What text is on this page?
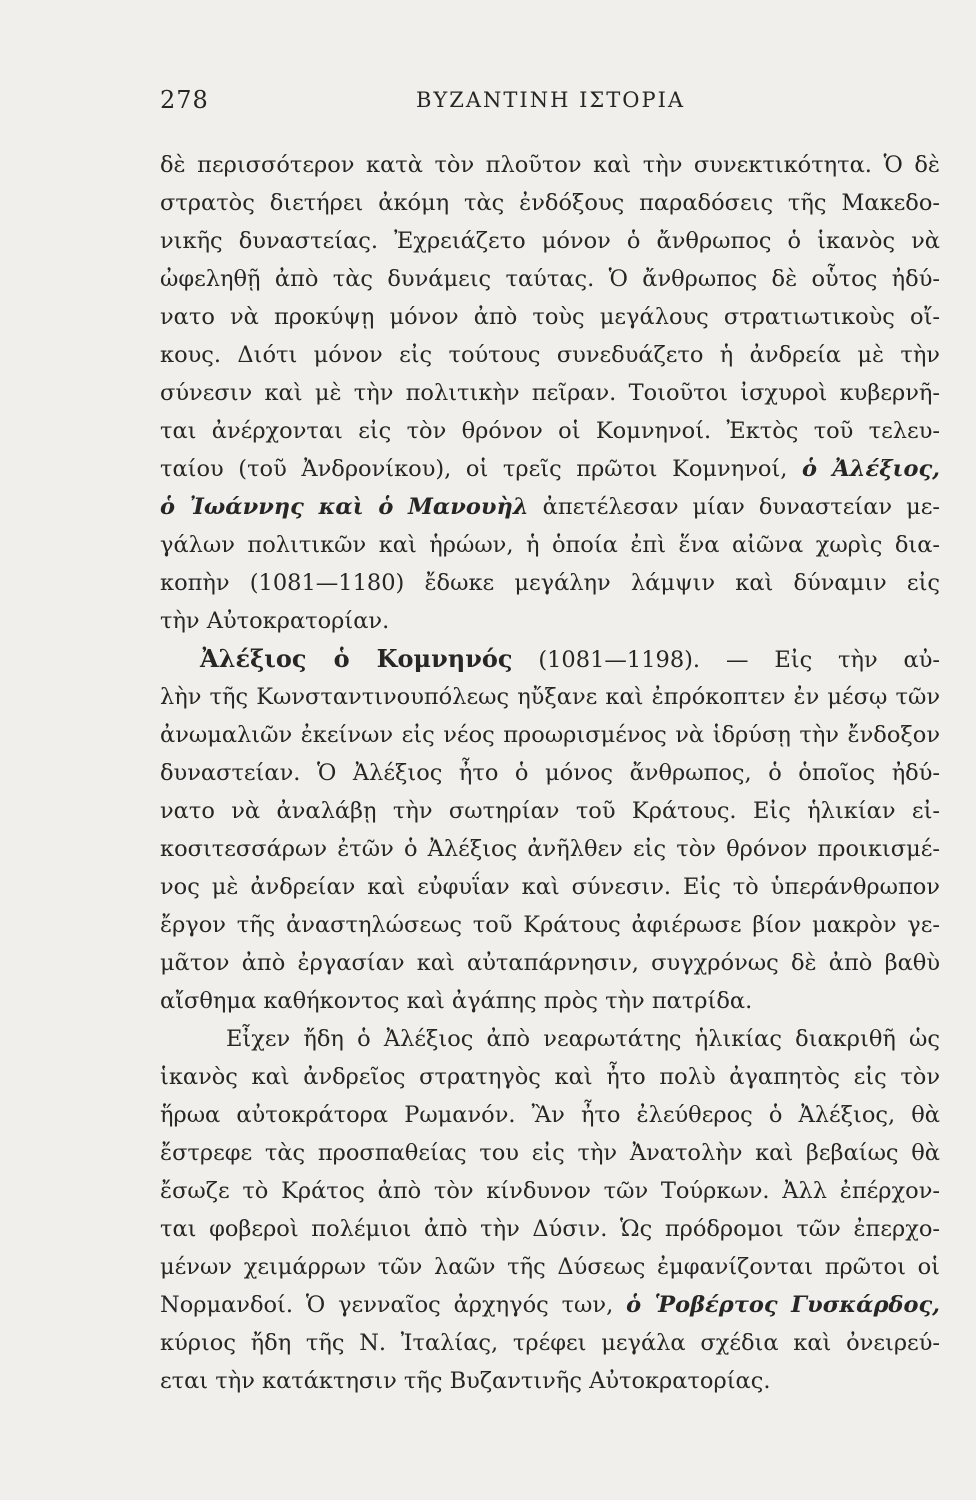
278	ΒΥΖΑΝΤΙΝΗ ΙΣΤΟΡΙΑ
δὲ περισσότερον κατὰ τὸν πλοῦτον καὶ τὴν συνεκτικότητα. Ὁ δὲ
στρατὸς διετήρει ἀκόμη τὰς ἐνδόξους παραδόσεις τῆς Μακεδο-
νικῆς δυναστείας. Ἐχρειάζετο μόνον ὁ ἄνθρωπος ὁ ἱκανὸς νὰ
ὠφεληθῇ ἀπὸ τὰς δυνάμεις ταύτας. Ὁ ἄνθρωπος δὲ οὗτος ἠδύ-
νατο νὰ προκύψῃ μόνον ἀπὸ τοὺς μεγάλους στρατιωτικοὺς οἴ-
κους. Διότι μόνον εἰς τούτους συνεδυάζετο ἡ ἀνδρεία μὲ τὴν
σύνεσιν καὶ μὲ τὴν πολιτικὴν πεῖραν. Τοιοῦτοι ἰσχυροὶ κυβερνῆ-
ται ἀνέρχονται εἰς τὸν θρόνον οἱ Κομνηνοί. Ἐκτὸς τοῦ τελευ-
ταίου (τοῦ Ἀνδρονίκου), οἱ τρεῖς πρῶτοι Κομνηνοί, ὁ Ἀλέξιος,
ὁ Ἰωάννης καὶ ὁ Μανουὴλ ἀπετέλεσαν μίαν δυναστείαν με-
γάλων πολιτικῶν καὶ ἡρώων, ἡ ὁποία ἐπὶ ἕνα αἰῶνα χωρὶς δια-
κοπὴν (1081—1180) ἔδωκε μεγάλην λάμψιν καὶ δύναμιν εἰς
τὴν Αὐτοκρατορίαν.
Ἀλέξιος ὁ Κομνηνός (1081—1198). — Εἰς τὴν αὐ-
λὴν τῆς Κωνσταντινουπόλεως ηὔξανε καὶ ἐπρόκοπτεν ἐν μέσῳ τῶν
ἀνωμαλιῶν ἐκείνων εἰς νέος προωρισμένος νὰ ἱδρύσῃ τὴν ἔνδοξον
δυναστείαν. Ὁ Ἀλέξιος ἦτο ὁ μόνος ἄνθρωπος, ὁ ὁποῖος ἠδύ-
νατο νὰ ἀναλάβῃ τὴν σωτηρίαν τοῦ Κράτους. Εἰς ἡλικίαν εἰ-
κοσιτεσσάρων ἐτῶν ὁ Ἀλέξιος ἀνῆλθεν εἰς τὸν θρόνον προικισμέ-
νος μὲ ἀνδρείαν καὶ εὐφυΐαν καὶ σύνεσιν. Εἰς τὸ ὑπεράνθρωπον
ἔργον τῆς ἀναστηλώσεως τοῦ Κράτους ἀφιέρωσε βίον μακρὸν γε-
μᾶτον ἀπὸ ἐργασίαν καὶ αὐταπάρνησιν, συγχρόνως δὲ ἀπὸ βαθὺ
αἴσθημα καθήκοντος καὶ ἀγάπης πρὸς τὴν πατρίδα.
Εἶχεν ἤδη ὁ Ἀλέξιος ἀπὸ νεαρωτάτης ἡλικίας διακριθῆ ὡς
ἱκανὸς καὶ ἀνδρεῖος στρατηγὸς καὶ ἦτο πολὺ ἀγαπητὸς εἰς τὸν
ἥρωα αὐτοκράτορα Ρωμανόν. Ἂν ἦτο ἐλεύθερος ὁ Ἀλέξιος, θὰ
ἔστρεφε τὰς προσπαθείας του εἰς τὴν Ἀνατολὴν καὶ βεβαίως θὰ
ἔσωζε τὸ Κράτος ἀπὸ τὸν κίνδυνον τῶν Τούρκων. Ἀλλ ἐπέρχον-
ται φοβεροὶ πολέμιοι ἀπὸ τὴν Δύσιν. Ὡς πρόδρομοι τῶν ἐπερχο-
μένων χειμάρρων τῶν λαῶν τῆς Δύσεως ἐμφανίζονται πρῶτοι οἱ
Νορμανδοί. Ὁ γενναῖος ἀρχηγός των, ὁ Ῥοβέρτος Γυσκάρδος,
κύριος ἤδη τῆς Ν. Ἰταλίας, τρέφει μεγάλα σχέδια καὶ ὀνειρεύ-
εται τὴν κατάκτησιν τῆς Βυζαντινῆς Αὐτοκρατορίας.
